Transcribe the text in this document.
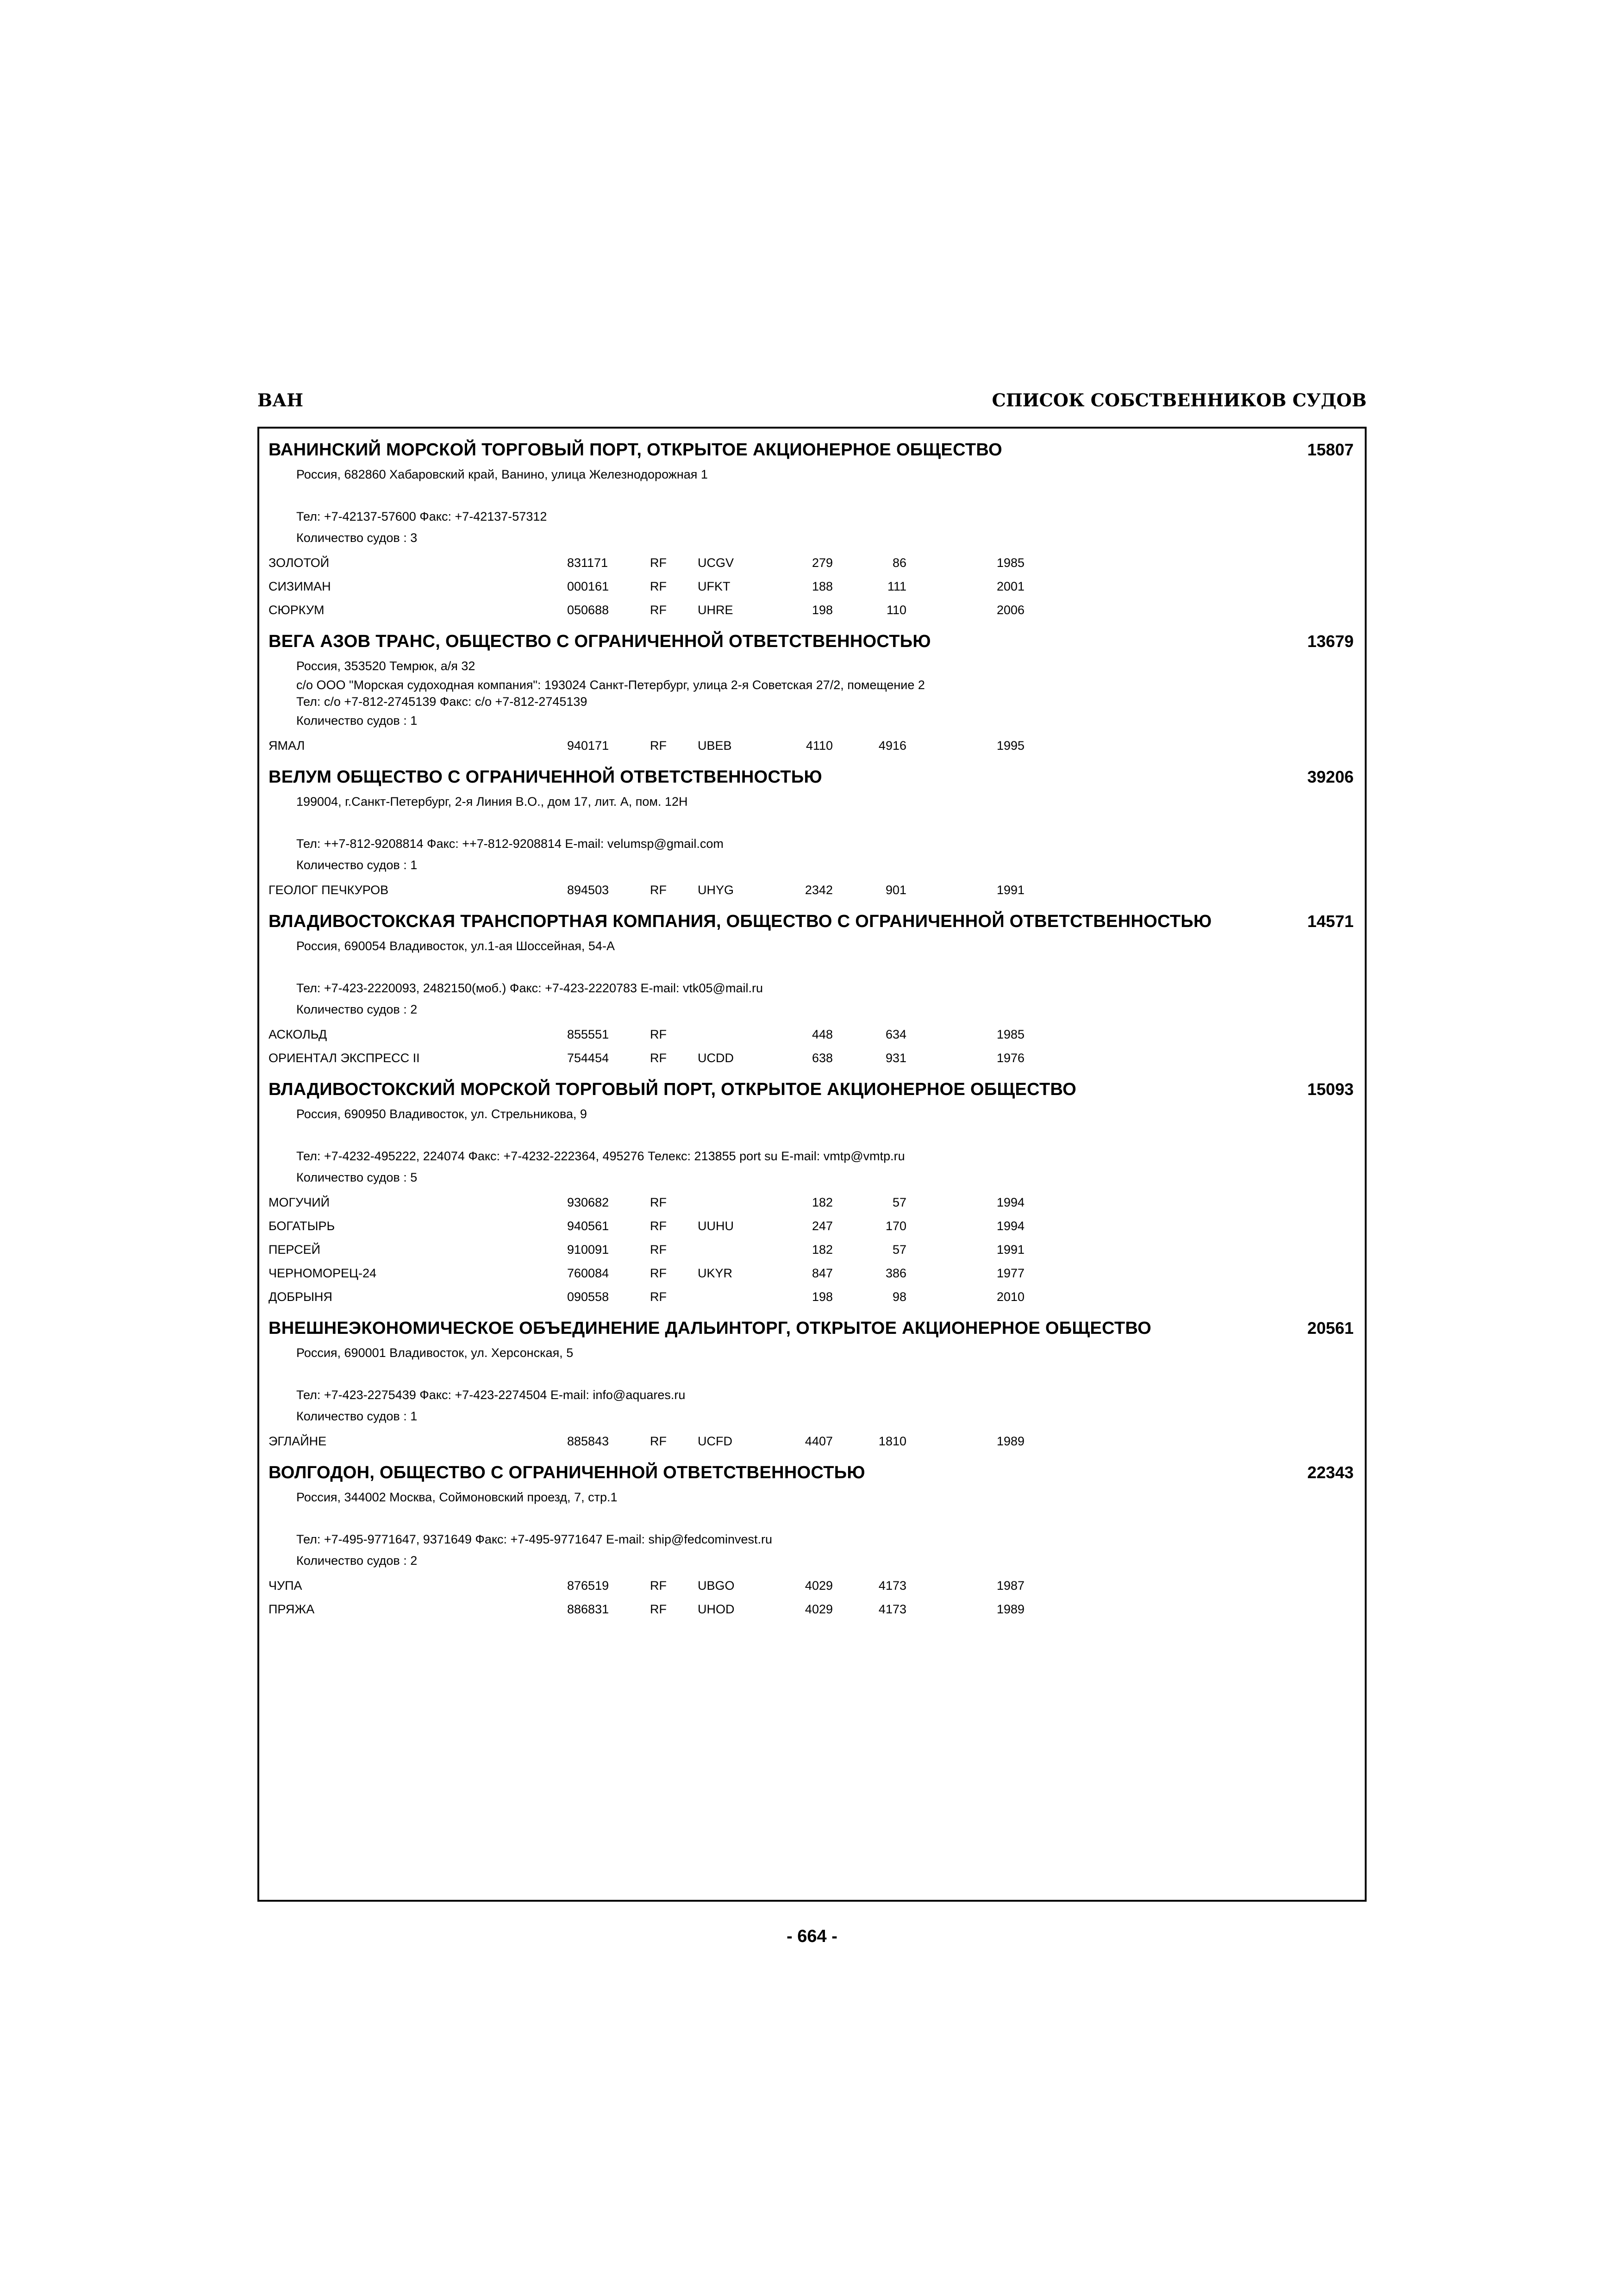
ВАН	СПИСОК СОБСТВЕННИКОВ СУДОВ
ВАНИНСКИЙ МОРСКОЙ ТОРГОВЫЙ ПОРТ, ОТКРЫТОЕ АКЦИОНЕРНОЕ ОБЩЕСТВО	15807
Россия, 682860 Хабаровский край, Ванино, улица Железнодорожная 1
Тел: +7-42137-57600 Факс: +7-42137-57312
Количество судов : 3
ЗОЛОТОЙ	831171	RF UCGV	279	86	1985
СИЗИМАН	000161	RF UFKT	188	111	2001
СЮРКУМ	050688	RF UHRE	198	110	2006
ВЕГА АЗОВ ТРАНС, ОБЩЕСТВО С ОГРАНИЧЕННОЙ ОТВЕТСТВЕННОСТЬЮ	13679
Россия, 353520 Темрюк, а/я 32
с/о ООО "Морская судоходная компания": 193024 Санкт-Петербург, улица 2-я Советская 27/2, помещение 2
Тел: с/о +7-812-2745139 Факс: с/о +7-812-2745139
Количество судов : 1
ЯМАЛ	940171	RF UBEB	4110	4916	1995
ВЕЛУМ ОБЩЕСТВО С ОГРАНИЧЕННОЙ ОТВЕТСТВЕННОСТЬЮ	39206
199004, г.Санкт-Петербург, 2-я Линия В.О., дом 17, лит. А, пом. 12Н
Тел: ++7-812-9208814 Факс: ++7-812-9208814 E-mail: velumsp@gmail.com
Количество судов : 1
ГЕОЛОГ ПЕЧКУРОВ	894503	RF UHYG	2342	901	1991
ВЛАДИВОСТОКСКАЯ ТРАНСПОРТНАЯ КОМПАНИЯ, ОБЩЕСТВО С ОГРАНИЧЕННОЙ ОТВЕТСТВЕННОСТЬЮ	14571
Россия, 690054 Владивосток, ул.1-ая Шоссейная, 54-А
Тел: +7-423-2220093, 2482150(моб.) Факс: +7-423-2220783 E-mail: vtk05@mail.ru
Количество судов : 2
АСКОЛЬД	855551	RF	448	634	1985
ОРИЕНТАЛ ЭКСПРЕСС II	754454	RF UCDD	638	931	1976
ВЛАДИВОСТОКСКИЙ МОРСКОЙ ТОРГОВЫЙ ПОРТ, ОТКРЫТОЕ АКЦИОНЕРНОЕ ОБЩЕСТВО	15093
Россия, 690950 Владивосток, ул. Стрельникова, 9
Тел: +7-4232-495222, 224074 Факс: +7-4232-222364, 495276 Телекс: 213855 port su E-mail: vmtp@vmtp.ru
Количество судов : 5
МОГУЧИЙ	930682	RF	182	57	1994
БОГАТЫРЬ	940561	RF UUHU	247	170	1994
ПЕРСЕЙ	910091	RF	182	57	1991
ЧЕРНОМОРЕЦ-24	760084	RF UKYR	847	386	1977
ДОБРЫНЯ	090558	RF	198	98	2010
ВНЕШНЕЭКОНОМИЧЕСКОЕ ОБЪЕДИНЕНИЕ ДАЛЬИНТОРГ, ОТКРЫТОЕ АКЦИОНЕРНОЕ ОБЩЕСТВО	20561
Россия, 690001 Владивосток, ул. Херсонская, 5
Тел: +7-423-2275439 Факс: +7-423-2274504 E-mail: info@aquares.ru
Количество судов : 1
ЭГЛАЙНЕ	885843	RF UCFD	4407	1810	1989
ВОЛГОДОН, ОБЩЕСТВО С ОГРАНИЧЕННОЙ ОТВЕТСТВЕННОСТЬЮ	22343
Россия, 344002 Москва, Соймоновский проезд, 7, стр.1
Тел: +7-495-9771647, 9371649 Факс: +7-495-9771647 E-mail: ship@fedcominvest.ru
Количество судов : 2
ЧУПА	876519	RF UBGO	4029	4173	1987
ПРЯЖА	886831	RF UHOD	4029	4173	1989
- 664 -
